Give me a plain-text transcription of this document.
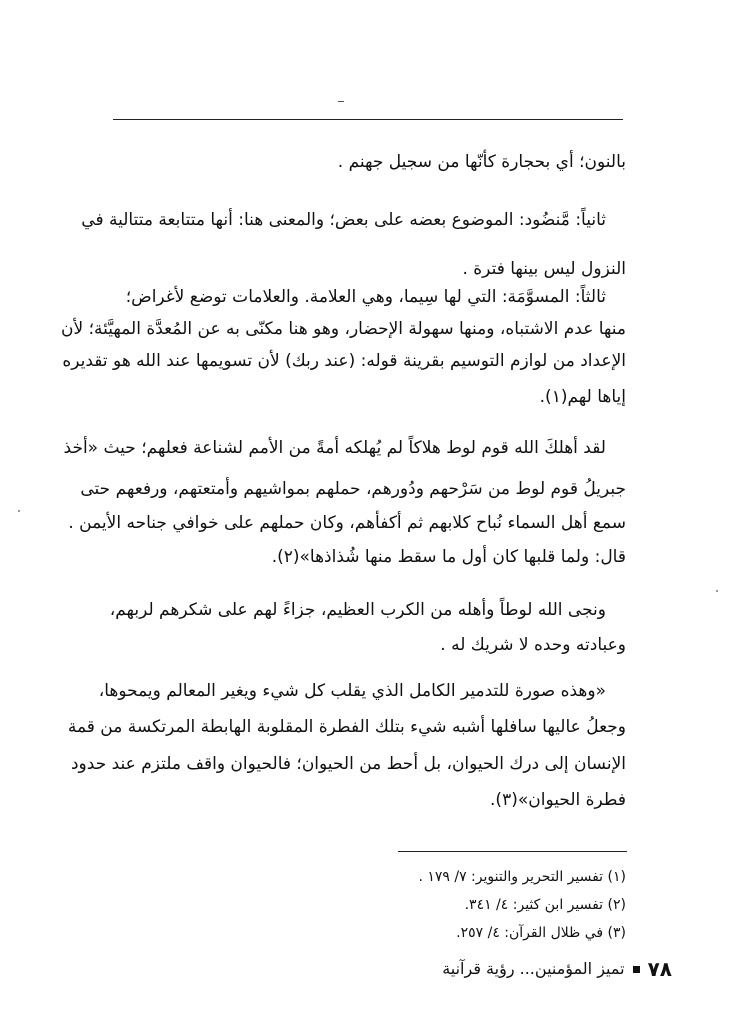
بالنون؛ أي بحجارة كأنّها من سجيل جهنم .
ثانياً: مَّنضُود: الموضوع بعضه على بعض؛ والمعنى هنا: أنها متتابعة متتالية في
النزول ليس بينها فترة .
ثالثاً: المسوَّمَة: التي لها سِيما، وهي العلامة. والعلامات توضع لأغراض؛
منها عدم الاشتباه، ومنها سهولة الإحضار، وهو هنا مكنّى به عن المُعدَّة المهيَّئة؛ لأن
الإعداد من لوازم التوسيم بقرينة قوله: (عند ربك) لأن تسويمها عند الله هو تقديره
إياها لهم(١).
لقد أهلكَ الله قوم لوط هلاكاً لم يُهلكه أمةً من الأمم لشناعة فعلهم؛ حيث «أخذ
جبريلُ قوم لوط من سَرْحهم ودُورهم، حملهم بمواشيهم وأمتعتهم، ورفعهم حتى
سمع أهل السماء نُباح كلابهم ثم أكفأهم، وكان حملهم على خوافي جناحه الأيمن .
قال: ولما قلبها كان أول ما سقط منها شُذاذها»(٢).
ونجى الله لوطاً وأهله من الكرب العظيم، جزاءً لهم على شكرهم لربهم،
وعبادته وحده لا شريك له .
«وهذه صورة للتدمير الكامل الذي يقلب كل شيء ويغير المعالم ويمحوها،
وجعلُ عاليها سافلها أشبه شيء بتلك الفطرة المقلوبة الهابطة المرتكسة من قمة
الإنسان إلى درك الحيوان، بل أحط من الحيوان؛ فالحيوان واقف ملتزم عند حدود
فطرة الحيوان»(٣).
(١) تفسير التحرير والتنوير: ٧/ ١٧٩ .
(٢) تفسير ابن كثير: ٤/ ٣٤١.
(٣) في ظلال القرآن: ٤/ ٢٥٧.
٧٨
تميز المؤمنين... رؤية قرآنية
